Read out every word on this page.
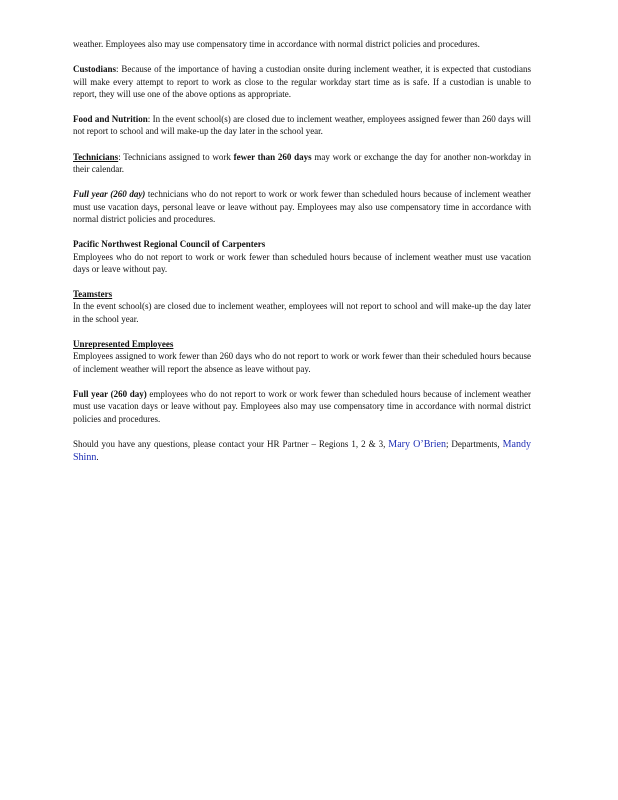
weather. Employees also may use compensatory time in accordance with normal district policies and procedures.

Custodians: Because of the importance of having a custodian onsite during inclement weather, it is expected that custodians will make every attempt to report to work as close to the regular workday start time as is safe. If a custodian is unable to report, they will use one of the above options as appropriate.

Food and Nutrition: In the event school(s) are closed due to inclement weather, employees assigned fewer than 260 days will not report to school and will make-up the day later in the school year.

Technicians: Technicians assigned to work fewer than 260 days may work or exchange the day for another non-workday in their calendar.

Full year (260 day) technicians who do not report to work or work fewer than scheduled hours because of inclement weather must use vacation days, personal leave or leave without pay. Employees may also use compensatory time in accordance with normal district policies and procedures.

Pacific Northwest Regional Council of Carpenters
Employees who do not report to work or work fewer than scheduled hours because of inclement weather must use vacation days or leave without pay.

Teamsters
In the event school(s) are closed due to inclement weather, employees will not report to school and will make-up the day later in the school year.

Unrepresented Employees
Employees assigned to work fewer than 260 days who do not report to work or work fewer than their scheduled hours because of inclement weather will report the absence as leave without pay.

Full year (260 day) employees who do not report to work or work fewer than scheduled hours because of inclement weather must use vacation days or leave without pay. Employees also may use compensatory time in accordance with normal district policies and procedures.

Should you have any questions, please contact your HR Partner – Regions 1, 2 & 3, Mary O’Brien; Departments, Mandy Shinn.
